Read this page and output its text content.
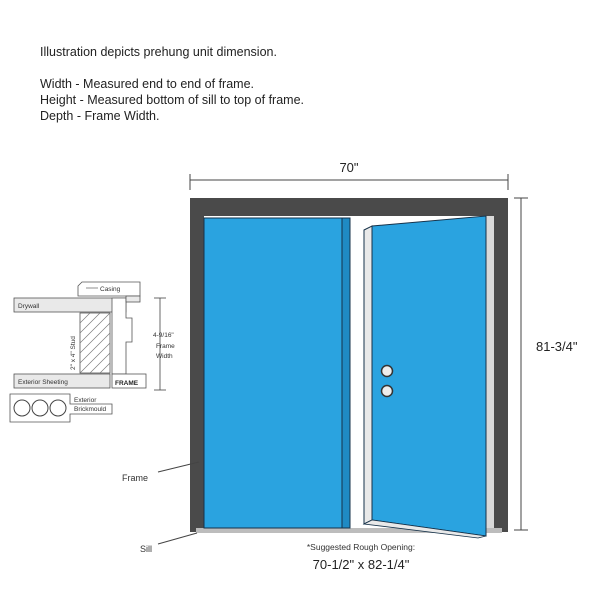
Illustration depicts prehung unit dimension.

Width - Measured end to end of frame.

Height - Measured bottom of sill to top of frame.

Depth - Frame Width.

70"
81-3/4"
Frame
Sill	*Suggested Rough Opening:
70-1/2" x 82-1/4"
Casing
Drywall
2" x 4" Stud
4-9/16"
Frame
Width
FRAME
Exterior Sheeting
Exterior
Brickmould
